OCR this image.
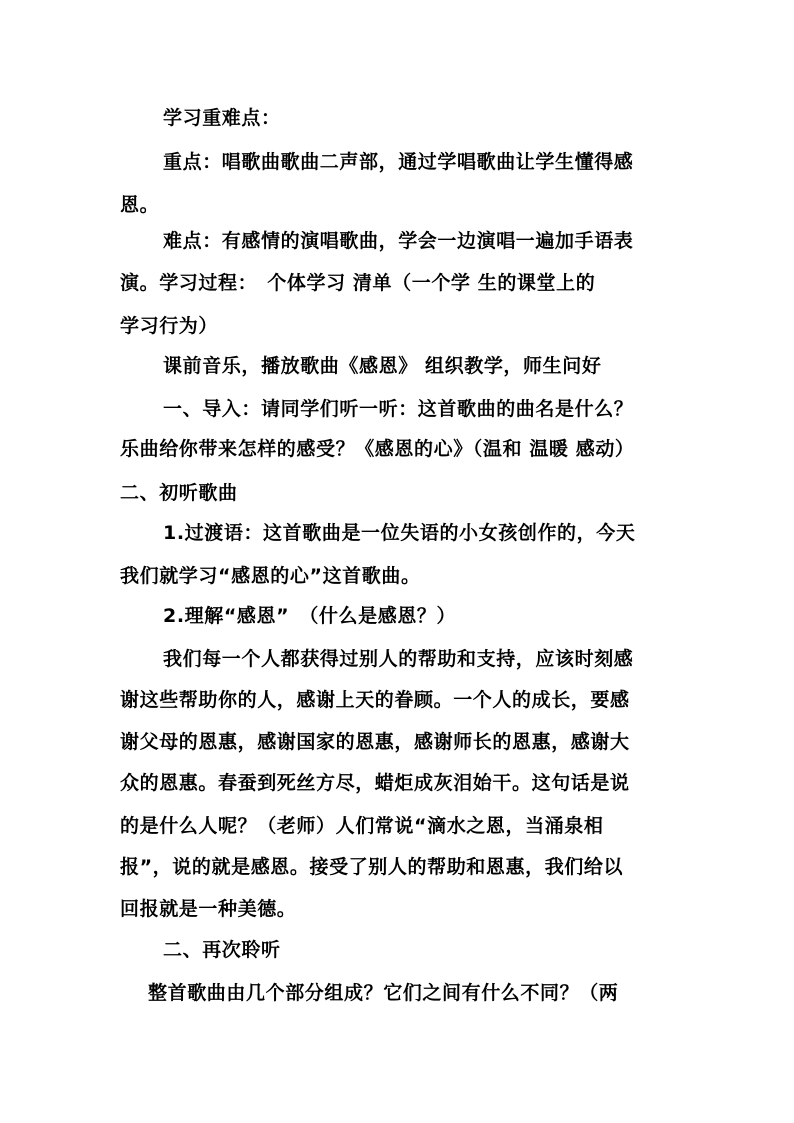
学习重难点：
重点：唱歌曲歌曲二声部，通过学唱歌曲让学生懂得感
恩。
难点：有感情的演唱歌曲，学会一边演唱一遍加手语表
演。学习过程：　个体学习 清单（一个学 生的课堂上的
学习行为）
课前音乐，播放歌曲《感恩》 组织教学，师生问好
一、导入：请同学们听一听：这首歌曲的曲名是什么？
乐曲给你带来怎样的感受？《感恩的心》（温和 温暖 感动）
二、初听歌曲
1.过渡语：这首歌曲是一位失语的小女孩创作的，今天
我们就学习“感恩的心”这首歌曲。
2.理解“感恩”　（什么是感恩？）
我们每一个人都获得过别人的帮助和支持，应该时刻感
谢这些帮助你的人，感谢上天的眷顾。一个人的成长，要感
谢父母的恩惠，感谢国家的恩惠，感谢师长的恩惠，感谢大
众的恩惠。春蚕到死丝方尽，蜡炬成灰泪始干。这句话是说
的是什么人呢？（老师）人们常说“滴水之恩，当涌泉相
报”，说的就是感恩。接受了别人的帮助和恩惠，我们给以
回报就是一种美德。
二、再次聆听
整首歌曲由几个部分组成？它们之间有什么不同？（两
